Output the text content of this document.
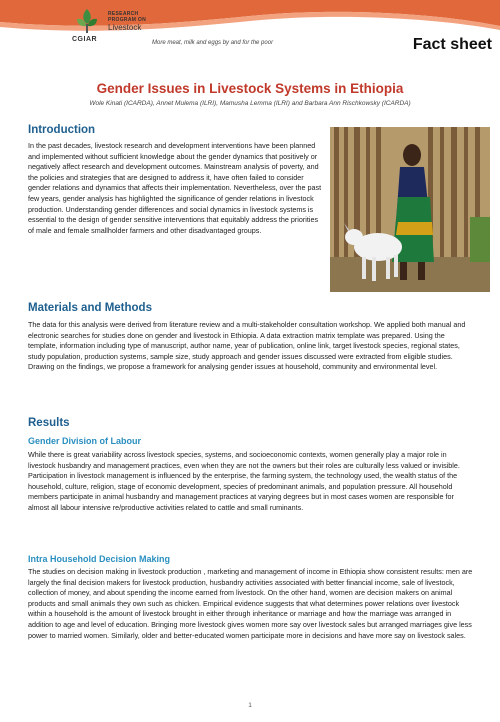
CGIAR
RESEARCH
PROGRAM ON
Livestock
More meat, milk and eggs by and for the poor	Fact sheet
Gender Issues in Livestock Systems in Ethiopia
Wole Kinati (ICARDA), Annet Mulema (ILRI), Mamusha Lemma (ILRI) and Barbara Ann Rischkowsky (ICARDA)
Introduction

In the past decades, livestock research and development interventions have been planned and implemented without sufficient knowledge about the gender dynamics that positively or negatively affect research and development outcomes. Mainstream analysis of poverty, and the policies and strategies that are designed to address it, have often failed to consider gender relations and dynamics that affects their implementation. Nevertheless, over the past few years, gender analysis has highlighted the significance of gender relations in livestock production. Understanding gender differences and social dynamics in livestock systems is essential to the design of gender sensitive interventions that equitably address the priorities of male and female smallholder farmers and other disadvantaged groups.

Materials and Methods

The data for this analysis were derived from literature review and a multi-stakeholder consultation workshop. We applied both manual and electronic searches for studies done on gender and livestock in Ethiopia. A data extraction matrix template was prepared. Using the template, information including type of manuscript, author name, year of publication, online link, target livestock species, regional states, study population, production systems, sample size, study approach and gender issues discussed were extracted from eligible studies. Drawing on the findings, we propose a framework for analysing gender issues at household, community and environmental level.

Results
Gender Division of Labour

While there is great variability across livestock species, systems, and socioeconomic contexts, women generally play a major role in livestock husbandry and management practices, even when they are not the owners but their roles are culturally less valued or invisible. Participation in livestock management is influenced by the enterprise, the farming system, the technology used, the wealth status of the household, culture, religion, stage of economic development, species of predominant animals, and population pressure. All household members participate in animal husbandry and management practices at varying degrees but in most cases women are responsible for almost all labour intensive re/productive activities related to cattle and small ruminants.

Intra Household Decision Making

The studies on decision making in livestock production , marketing and management of income in Ethiopia show consistent results: men are largely the final decision makers for livestock production, husbandry activities associated with better financial income, sale of livestock, collection of money, and about spending the income earned from livestock. On the other hand, women are decision makers on animal products and small animals they own such as chicken. Empirical evidence suggests that what determines power relations over livestock within a household is the amount of livestock brought in either through inheritance or marriage and how the marriage was arranged in addition to age and level of education. Bringing more livestock gives women more say over livestock sales but arranged marriages give less power to married women. Similarly, older and better-educated women participate more in decisions and have more say on livestock sales.

1
